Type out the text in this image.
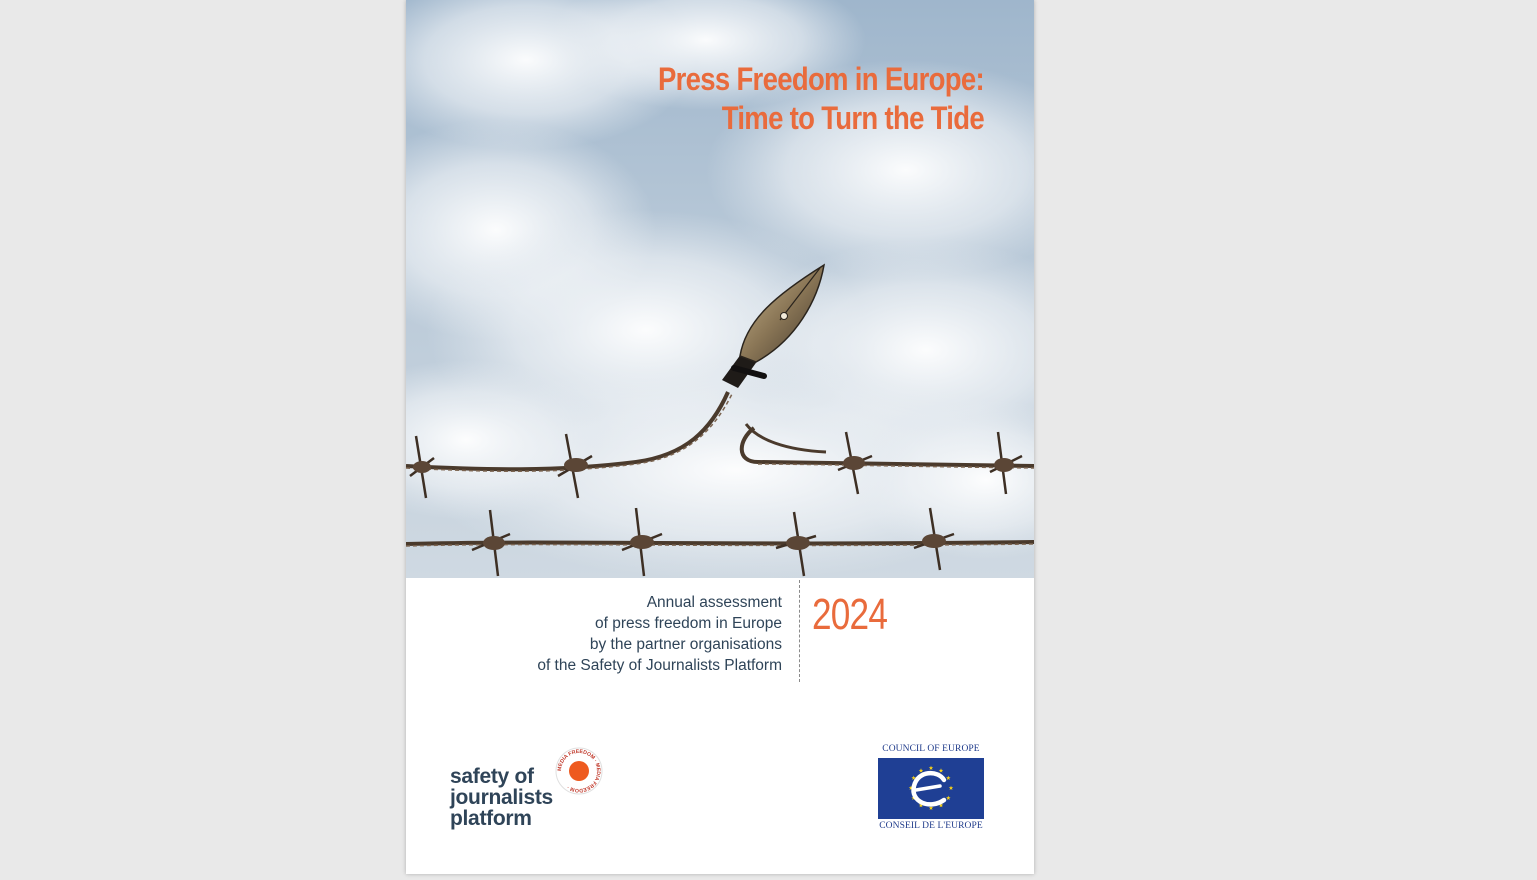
Press Freedom in Europe:
Time to Turn the Tide
Annual assessment
of press freedom in Europe
by the partner organisations
of the Safety of Journalists Platform
2024
MEDIA FREEDOM · MEDIA FREEDOM ·
safety of
journalists
platform
COUNCIL OF EUROPE
CONSEIL DE L'EUROPE
